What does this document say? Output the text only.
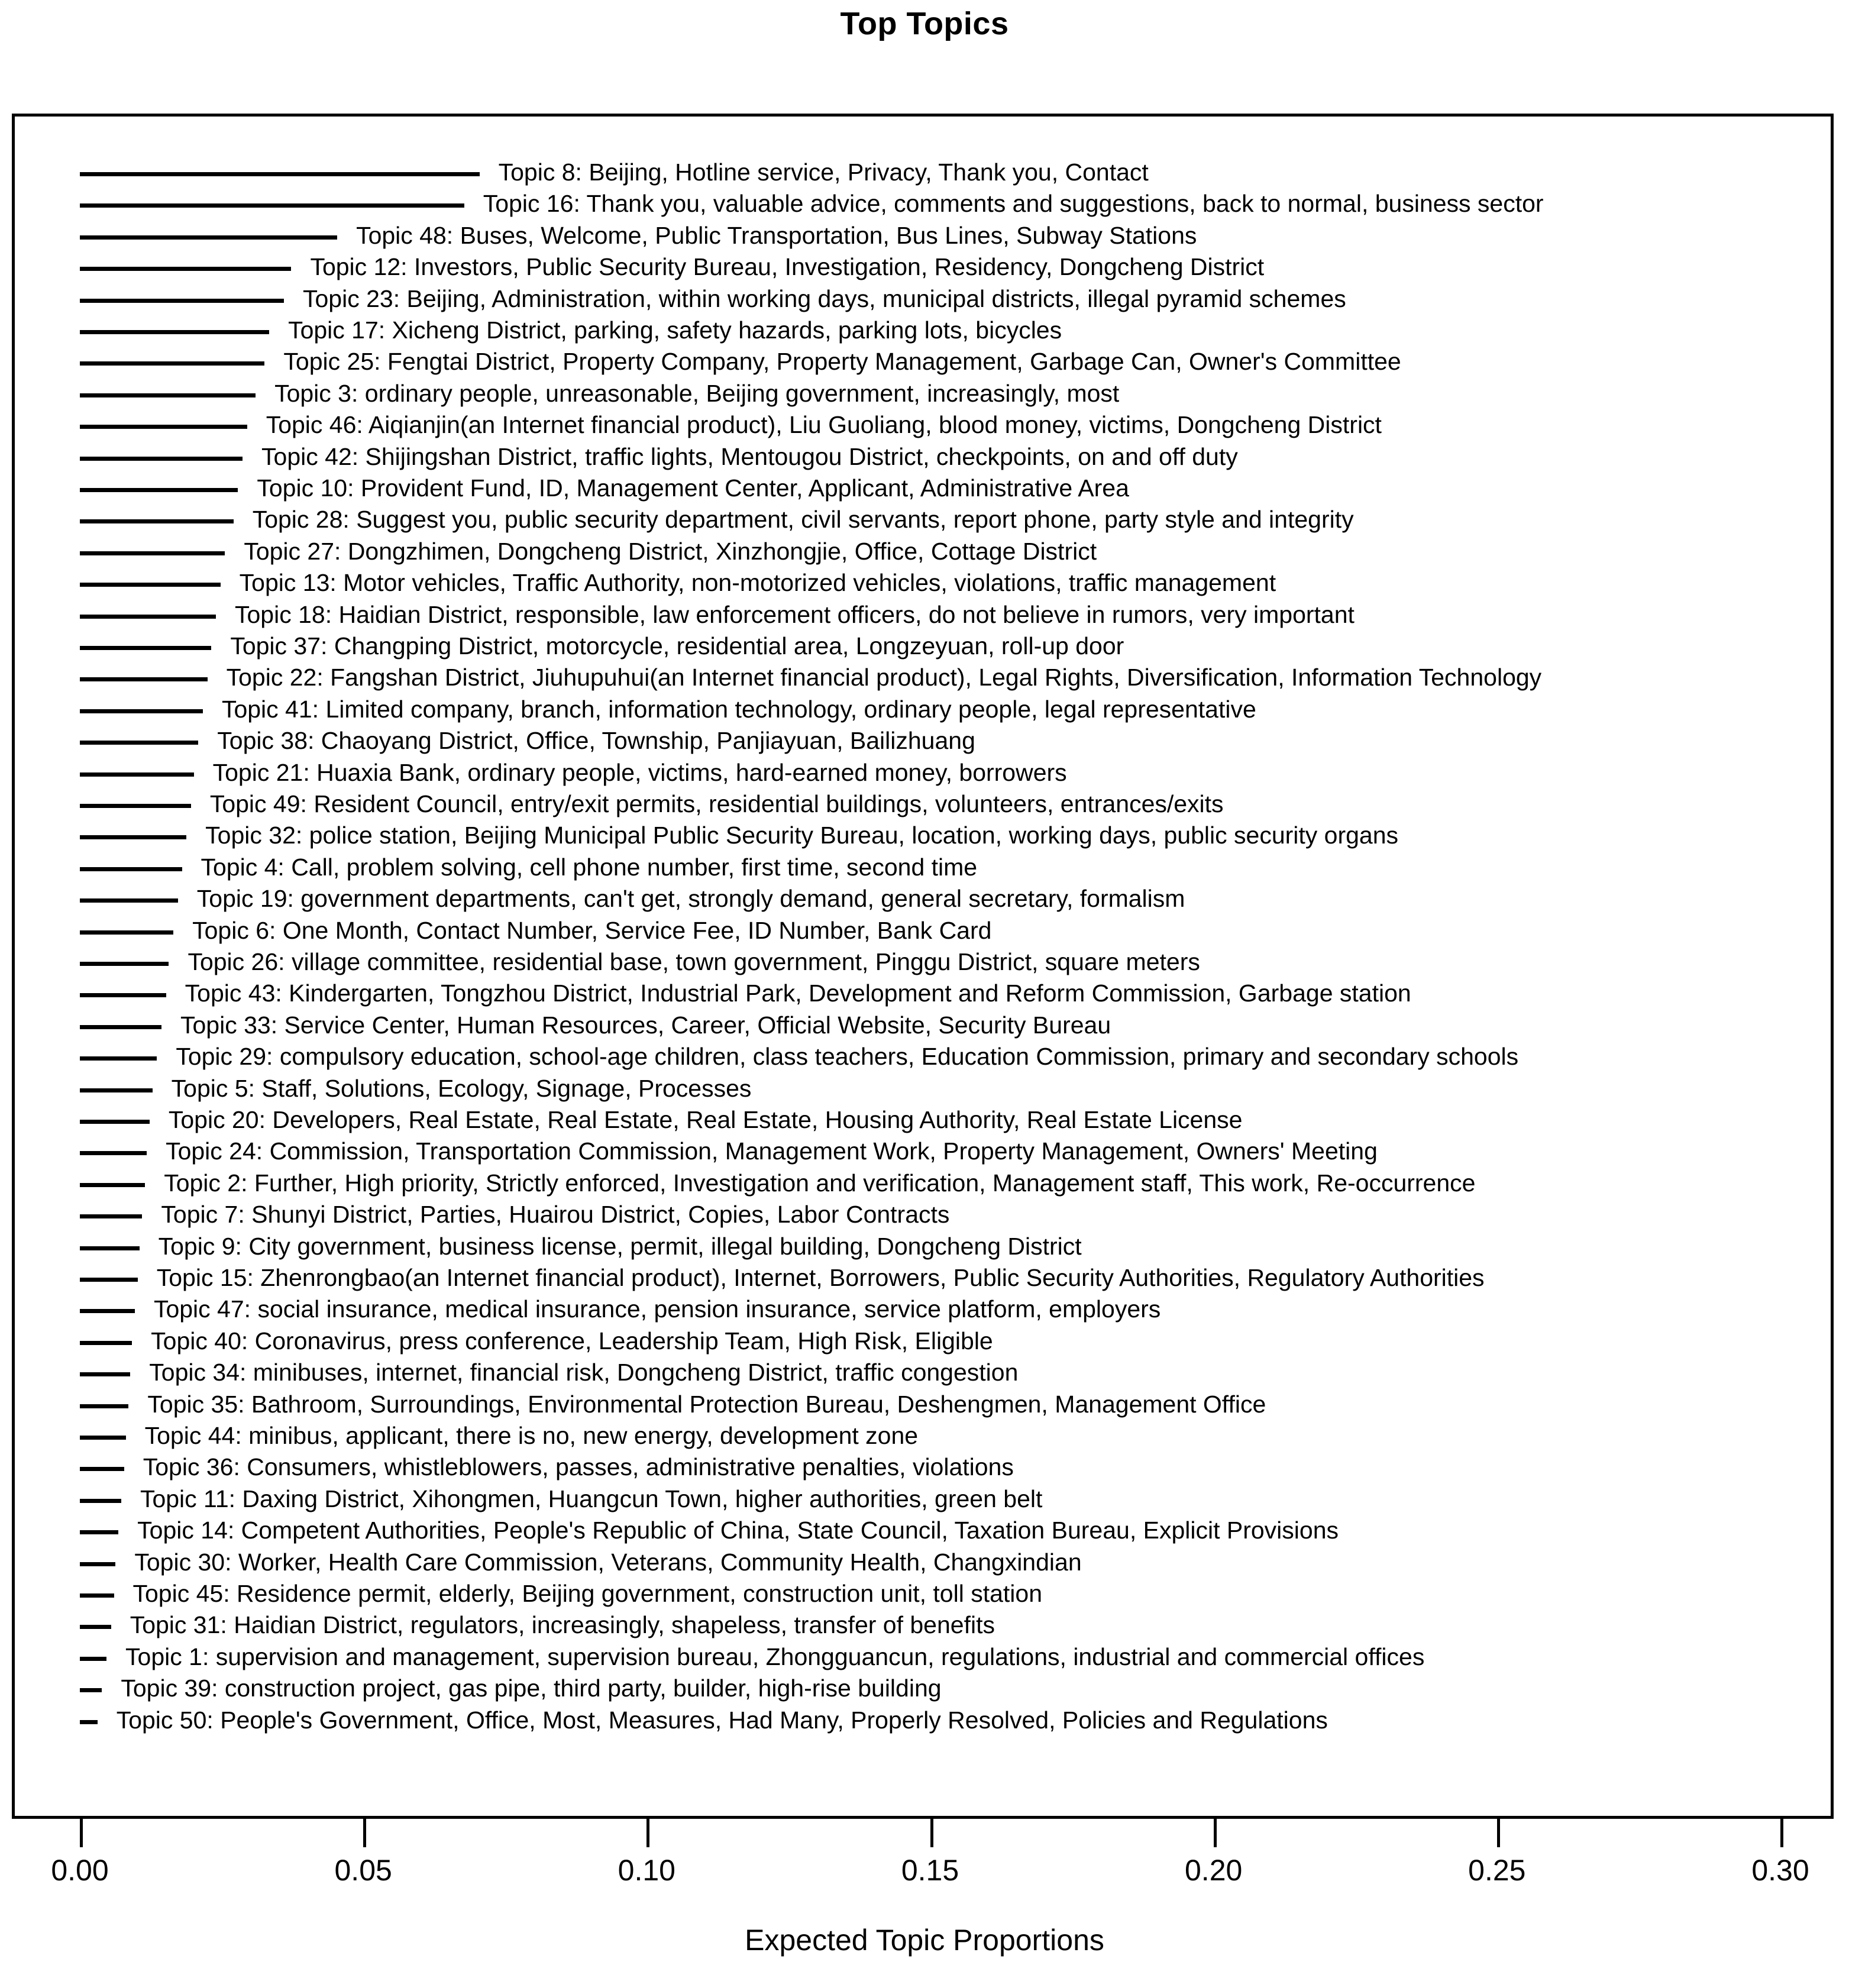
Top Topics
Topic 8: Beijing, Hotline service, Privacy, Thank you, Contact
Topic 16: Thank you, valuable advice, comments and suggestions, back to normal, business sector
Topic 48: Buses, Welcome, Public Transportation, Bus Lines, Subway Stations
Topic 12: Investors, Public Security Bureau, Investigation, Residency, Dongcheng District
Topic 23: Beijing, Administration, within working days, municipal districts, illegal pyramid schemes
Topic 17: Xicheng District, parking, safety hazards, parking lots, bicycles
Topic 25: Fengtai District, Property Company, Property Management, Garbage Can, Owner's Committee
Topic 3: ordinary people, unreasonable, Beijing government, increasingly, most
Topic 46: Aiqianjin(an Internet financial product), Liu Guoliang, blood money, victims, Dongcheng District
Topic 42: Shijingshan District, traffic lights, Mentougou District, checkpoints, on and off duty
Topic 10: Provident Fund, ID, Management Center, Applicant, Administrative Area
Topic 28: Suggest you, public security department, civil servants, report phone, party style and integrity
Topic 27: Dongzhimen, Dongcheng District, Xinzhongjie, Office, Cottage District
Topic 13: Motor vehicles, Traffic Authority, non-motorized vehicles, violations, traffic management
Topic 18: Haidian District, responsible, law enforcement officers, do not believe in rumors, very important
Topic 37: Changping District, motorcycle, residential area, Longzeyuan, roll-up door
Topic 22: Fangshan District, Jiuhupuhui(an Internet financial product), Legal Rights, Diversification, Information Technology
Topic 41: Limited company, branch, information technology, ordinary people, legal representative
Topic 38: Chaoyang District, Office, Township, Panjiayuan, Bailizhuang
Topic 21: Huaxia Bank, ordinary people, victims, hard-earned money, borrowers
Topic 49: Resident Council, entry/exit permits, residential buildings, volunteers, entrances/exits
Topic 32: police station, Beijing Municipal Public Security Bureau, location, working days, public security organs
Topic 4: Call, problem solving, cell phone number, first time, second time
Topic 19: government departments, can't get, strongly demand, general secretary, formalism
Topic 6: One Month, Contact Number, Service Fee, ID Number, Bank Card
Topic 26: village committee, residential base, town government, Pinggu District, square meters
Topic 43: Kindergarten, Tongzhou District, Industrial Park, Development and Reform Commission, Garbage station
Topic 33: Service Center, Human Resources, Career, Official Website, Security Bureau
Topic 29: compulsory education, school-age children, class teachers, Education Commission, primary and secondary schools
Topic 5: Staff, Solutions, Ecology, Signage, Processes
Topic 20: Developers, Real Estate, Real Estate, Real Estate, Housing Authority, Real Estate License
Topic 24: Commission, Transportation Commission, Management Work, Property Management, Owners' Meeting
Topic 2: Further, High priority, Strictly enforced, Investigation and verification, Management staff, This work, Re-occurrence
Topic 7: Shunyi District, Parties, Huairou District, Copies, Labor Contracts
Topic 9: City government, business license, permit, illegal building, Dongcheng District
Topic 15: Zhenrongbao(an Internet financial product), Internet, Borrowers, Public Security Authorities, Regulatory Authorities
Topic 47: social insurance, medical insurance, pension insurance, service platform, employers
Topic 40: Coronavirus, press conference, Leadership Team, High Risk, Eligible
Topic 34: minibuses, internet, financial risk, Dongcheng District, traffic congestion
Topic 35: Bathroom, Surroundings, Environmental Protection Bureau, Deshengmen, Management Office
Topic 44: minibus, applicant, there is no, new energy, development zone
Topic 36: Consumers, whistleblowers, passes, administrative penalties, violations
Topic 11: Daxing District, Xihongmen, Huangcun Town, higher authorities, green belt
Topic 14: Competent Authorities, People's Republic of China, State Council, Taxation Bureau, Explicit Provisions
Topic 30: Worker, Health Care Commission, Veterans, Community Health, Changxindian
Topic 45: Residence permit, elderly, Beijing government, construction unit, toll station
Topic 31: Haidian District, regulators, increasingly, shapeless, transfer of benefits
Topic 1: supervision and management, supervision bureau, Zhongguancun, regulations, industrial and commercial offices
Topic 39: construction project, gas pipe, third party, builder, high-rise building
Topic 50: People's Government, Office, Most, Measures, Had Many, Properly Resolved, Policies and Regulations
0.00	0.05	0.10	0.15	0.20	0.25	0.30
Expected Topic Proportions
